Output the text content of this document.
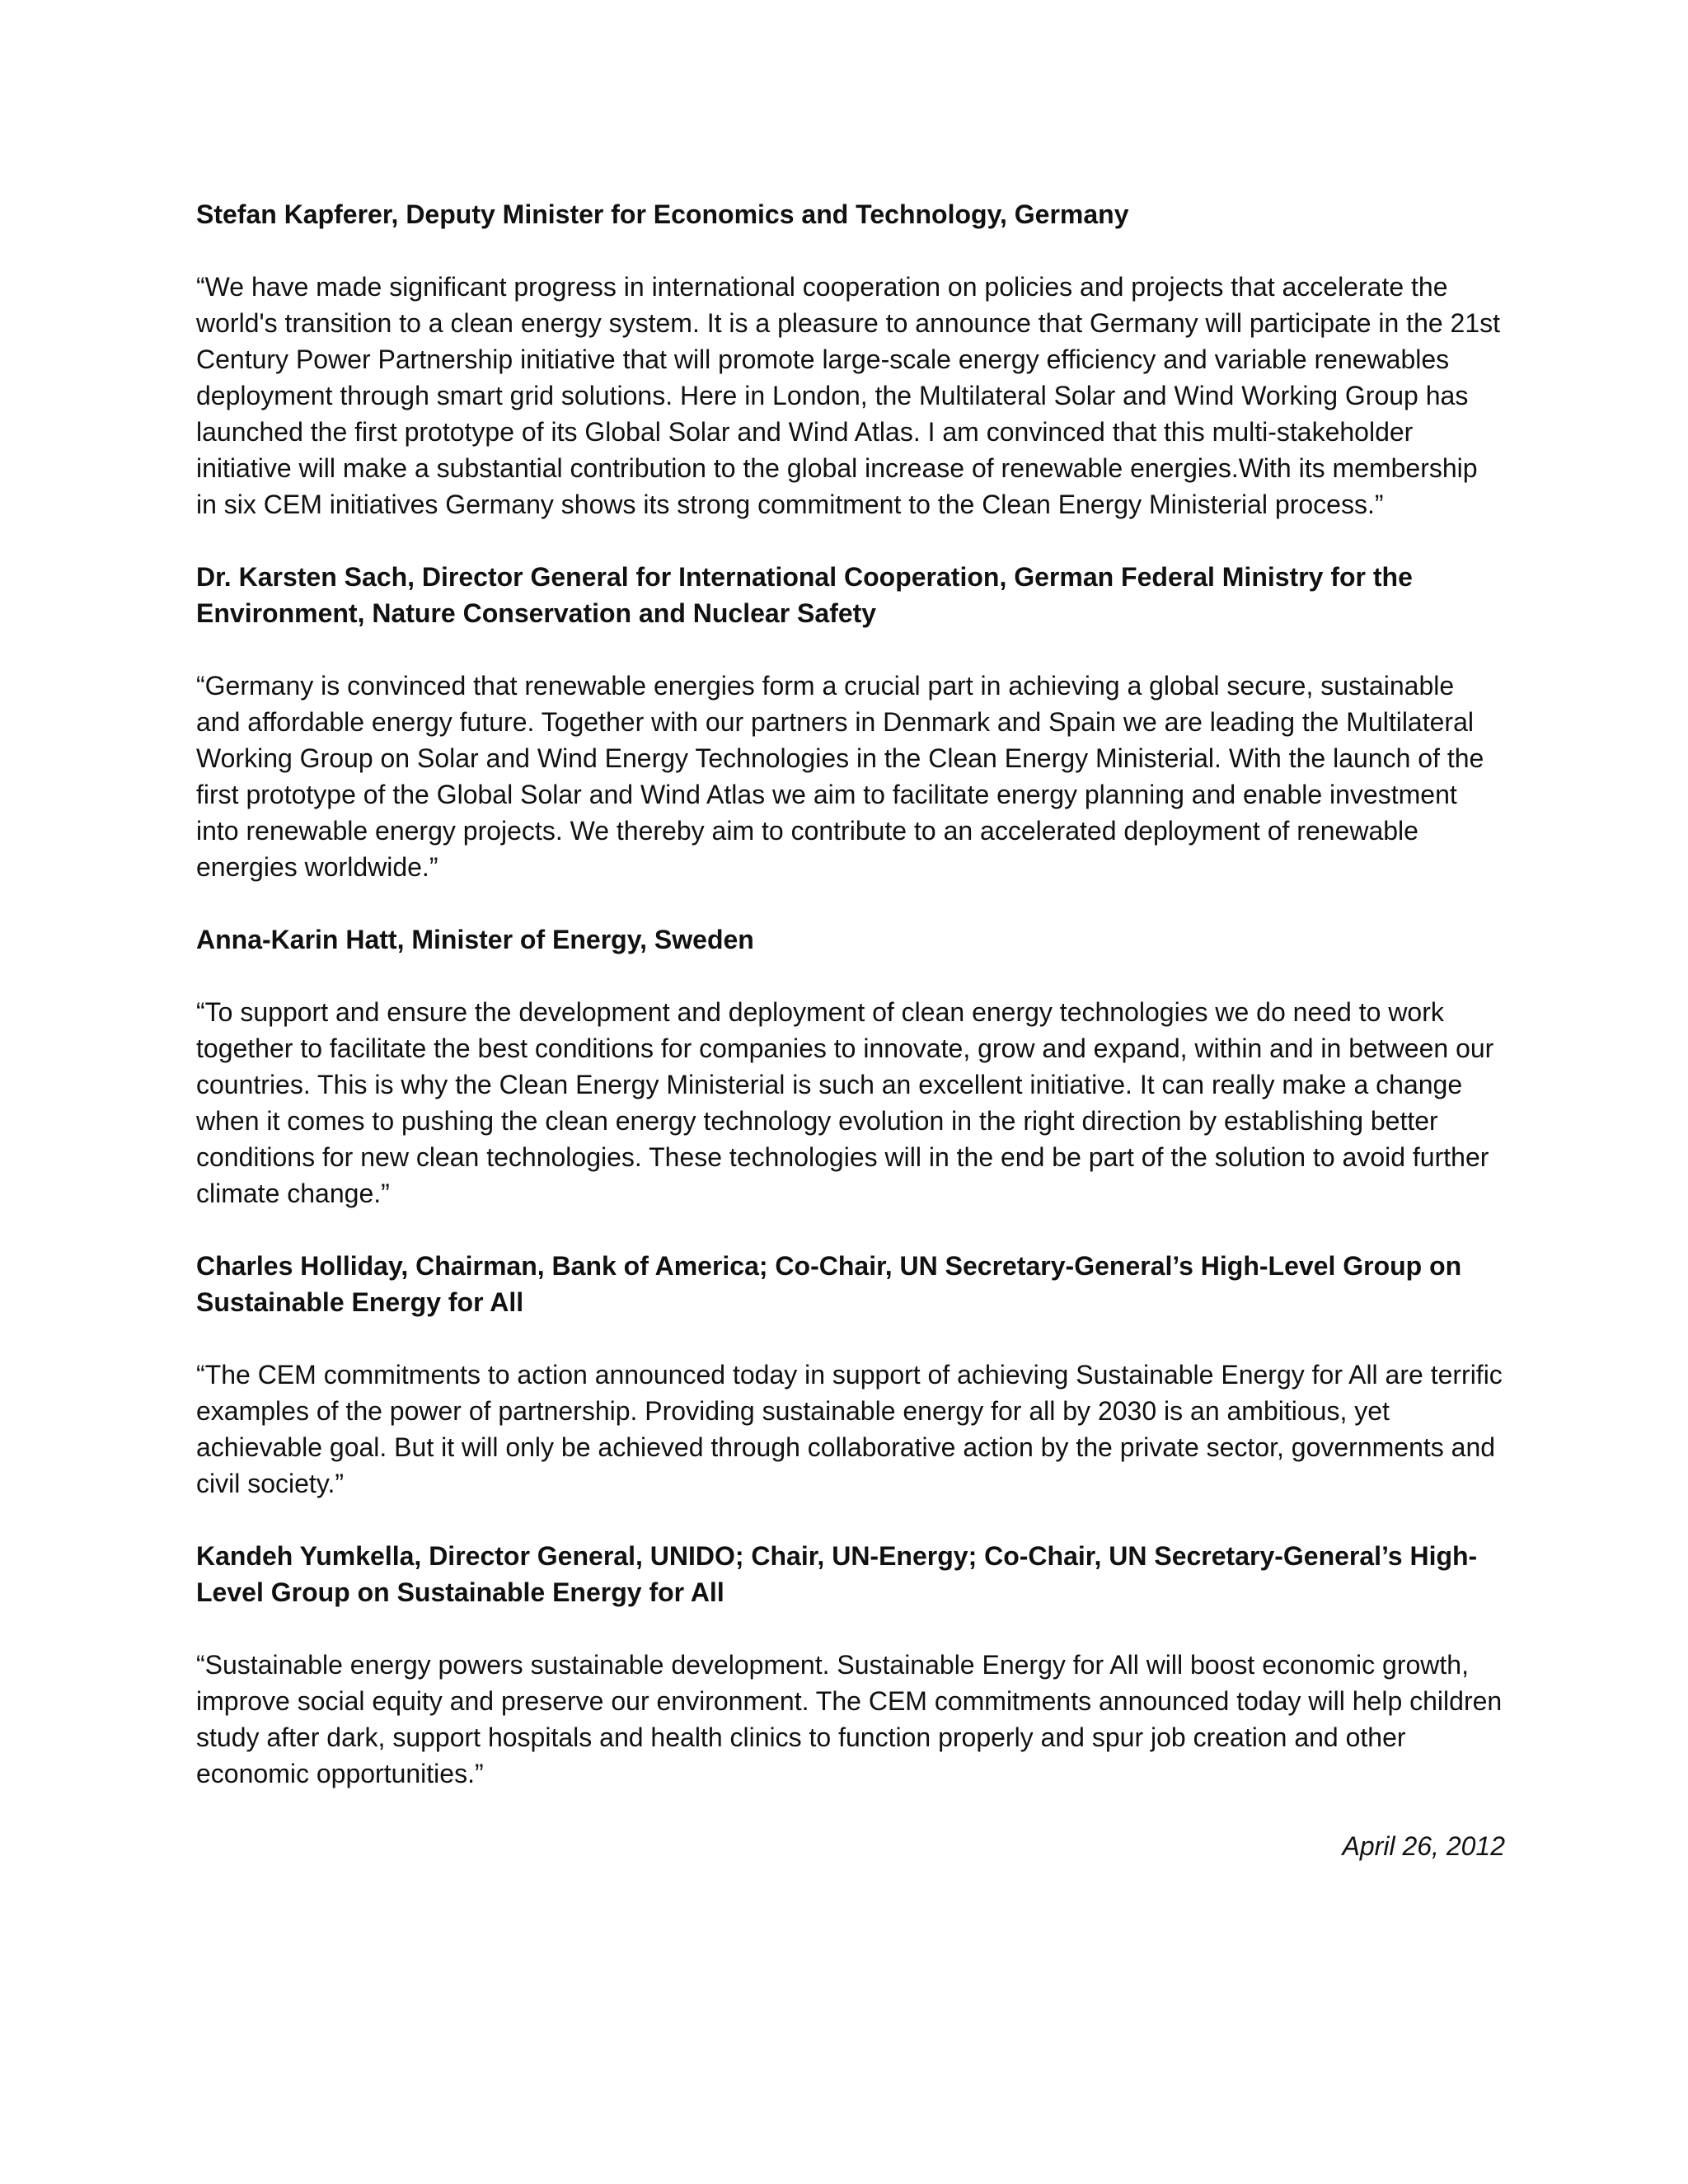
Stefan Kapferer, Deputy Minister for Economics and Technology, Germany

“We have made significant progress in international cooperation on policies and projects that accelerate the world's transition to a clean energy system. It is a pleasure to announce that Germany will participate in the 21st Century Power Partnership initiative that will promote large-scale energy efficiency and variable renewables deployment through smart grid solutions. Here in London, the Multilateral Solar and Wind Working Group has launched the first prototype of its Global Solar and Wind Atlas. I am convinced that this multi-stakeholder initiative will make a substantial contribution to the global increase of renewable energies.With its membership in six CEM initiatives Germany shows its strong commitment to the Clean Energy Ministerial process.”

Dr. Karsten Sach, Director General for International Cooperation, German Federal Ministry for the Environment, Nature Conservation and Nuclear Safety

“Germany is convinced that renewable energies form a crucial part in achieving a global secure, sustainable and affordable energy future. Together with our partners in Denmark and Spain we are leading the Multilateral Working Group on Solar and Wind Energy Technologies in the Clean Energy Ministerial. With the launch of the first prototype of the Global Solar and Wind Atlas we aim to facilitate energy planning and enable investment into renewable energy projects. We thereby aim to contribute to an accelerated deployment of renewable energies worldwide.”

Anna-Karin Hatt, Minister of Energy, Sweden

“To support and ensure the development and deployment of clean energy technologies we do need to work together to facilitate the best conditions for companies to innovate, grow and expand, within and in between our countries. This is why the Clean Energy Ministerial is such an excellent initiative. It can really make a change when it comes to pushing the clean energy technology evolution in the right direction by establishing better conditions for new clean technologies. These technologies will in the end be part of the solution to avoid further climate change.”

Charles Holliday, Chairman, Bank of America; Co-Chair, UN Secretary-General’s High-Level Group on Sustainable Energy for All

“The CEM commitments to action announced today in support of achieving Sustainable Energy for All are terrific examples of the power of partnership. Providing sustainable energy for all by 2030 is an ambitious, yet achievable goal. But it will only be achieved through collaborative action by the private sector, governments and civil society.”

Kandeh Yumkella, Director General, UNIDO; Chair, UN-Energy; Co-Chair, UN Secretary-General’s High-Level Group on Sustainable Energy for All

“Sustainable energy powers sustainable development. Sustainable Energy for All will boost economic growth, improve social equity and preserve our environment. The CEM commitments announced today will help children study after dark, support hospitals and health clinics to function properly and spur job creation and other economic opportunities.”

April 26, 2012
